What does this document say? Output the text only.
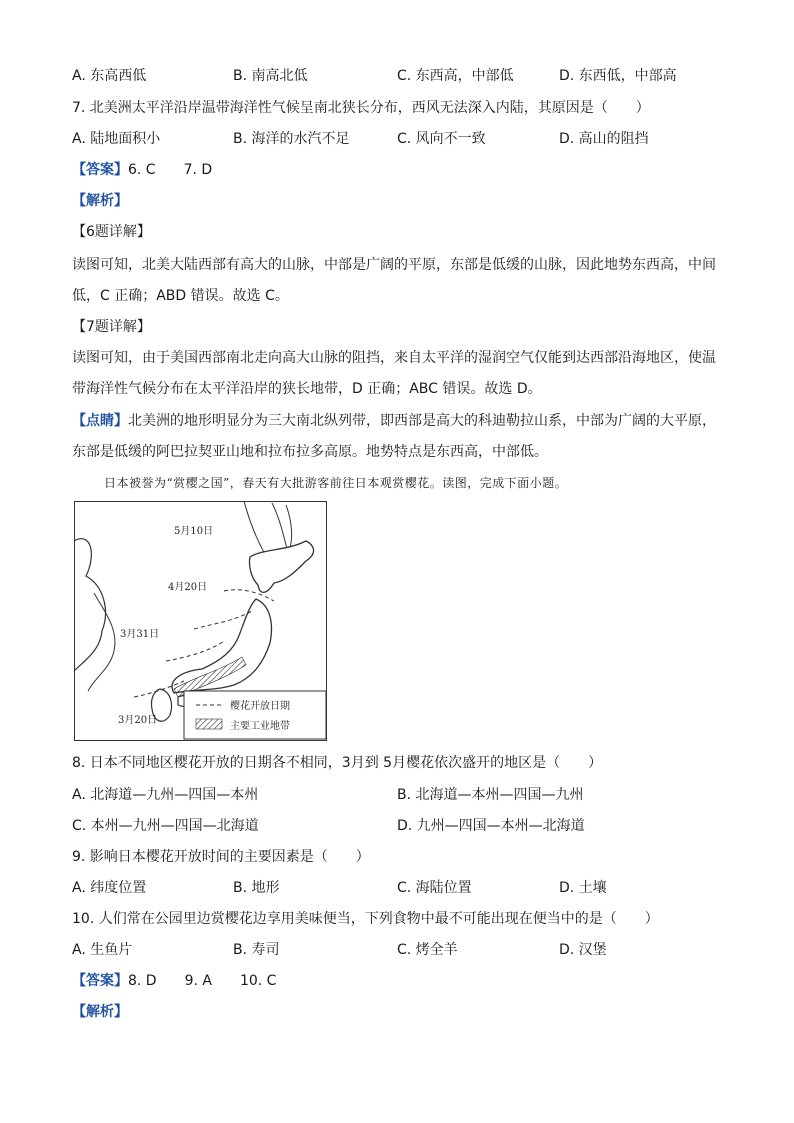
A. 东高西低	B. 南高北低	C. 东西高，中部低	D. 东西低，中部高
7. 北美洲太平洋沿岸温带海洋性气候呈南北狭长分布，西风无法深入内陆，其原因是（　　）
A. 陆地面积小	B. 海洋的水汽不足	C. 风向不一致	D. 高山的阻挡
【答案】6. C　　7. D
【解析】
【6题详解】
读图可知，北美大陆西部有高大的山脉，中部是广阔的平原，东部是低缓的山脉，因此地势东西高，中间
低，C 正确；ABD 错误。故选 C。
【7题详解】
读图可知，由于美国西部南北走向高大山脉的阻挡，来自太平洋的湿润空气仅能到达西部沿海地区，使温
带海洋性气候分布在太平洋沿岸的狭长地带，D 正确；ABC 错误。故选 D。
【点睛】北美洲的地形明显分为三大南北纵列带，即西部是高大的科迪勒拉山系，中部为广阔的大平原，
东部是低缓的阿巴拉契亚山地和拉布拉多高原。地势特点是东西高，中部低。
日本被誉为“赏樱之国”，春天有大批游客前往日本观赏樱花。读图，完成下面小题。
5月10日
4月20日
3月31日
3月20日
樱花开放日期
主要工业地带
8. 日本不同地区樱花开放的日期各不相同，3月到 5月樱花依次盛开的地区是（　　）
A. 北海道—九州—四国—本州	B. 北海道—本州—四国—九州
C. 本州—九州—四国—北海道	D. 九州—四国—本州—北海道
9. 影响日本樱花开放时间的主要因素是（　　）
A. 纬度位置	B. 地形	C. 海陆位置	D. 土壤
10. 人们常在公园里边赏樱花边享用美味便当，下列食物中最不可能出现在便当中的是（　　）
A. 生鱼片	B. 寿司	C. 烤全羊	D. 汉堡
【答案】8. D　　9. A　　10. C
【解析】
